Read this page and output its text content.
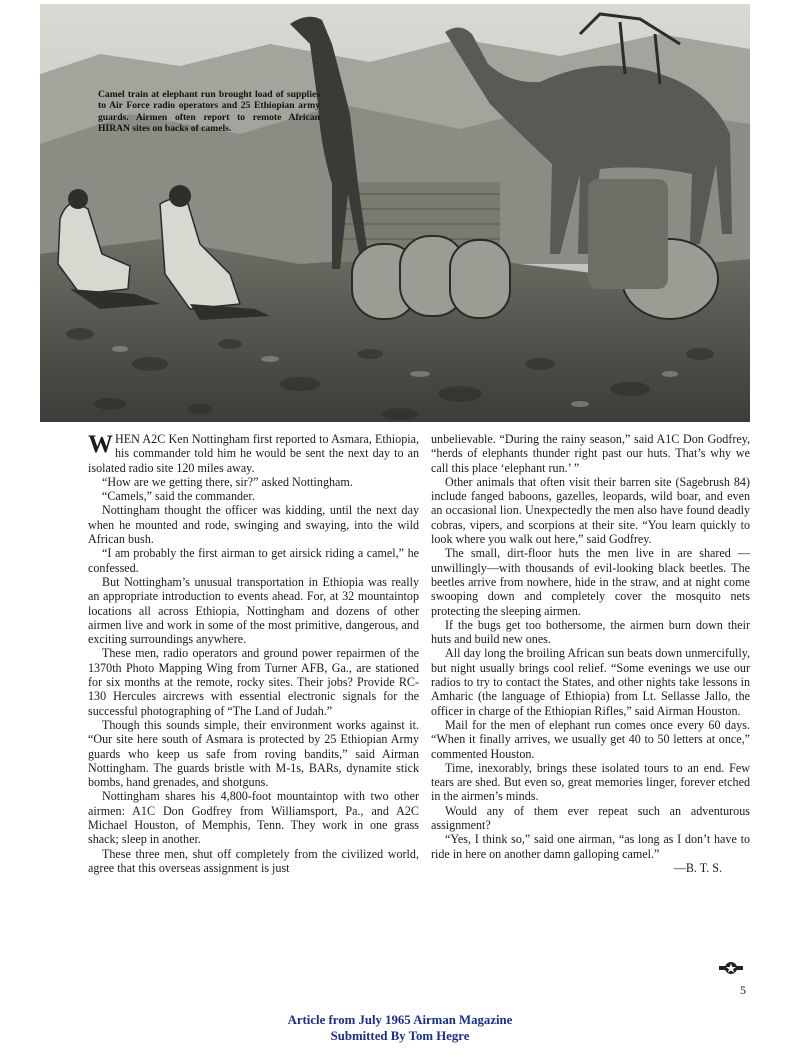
Camel train at elephant run brought load of supplies to Air Force radio operators and 25 Ethiopian army guards. Airmen often report to remote African HIRAN sites on backs of camels.

WHEN A2C Ken Nottingham first reported to Asmara, Ethiopia, his commander told him he would be sent the next day to an isolated radio site 120 miles away.

“How are we getting there, sir?” asked Nottingham.

“Camels,” said the commander.

Nottingham thought the officer was kidding, until the next day when he mounted and rode, swinging and swaying, into the wild African bush.

“I am probably the first airman to get airsick riding a camel,” he confessed.

But Nottingham’s unusual transportation in Ethiopia was really an appropriate introduction to events ahead. For, at 32 mountaintop locations all across Ethiopia, Nottingham and dozens of other airmen live and work in some of the most primitive, dangerous, and exciting surroundings anywhere.

These men, radio operators and ground power repairmen of the 1370th Photo Mapping Wing from Turner AFB, Ga., are stationed for six months at the remote, rocky sites. Their jobs? Provide RC-130 Hercules aircrews with essential electronic signals for the successful photographing of “The Land of Judah.”

Though this sounds simple, their environment works against it. “Our site here south of Asmara is protected by 25 Ethiopian Army guards who keep us safe from roving bandits,” said Airman Nottingham. The guards bristle with M-1s, BARs, dynamite stick bombs, hand grenades, and shotguns.

Nottingham shares his 4,800-foot mountaintop with two other airmen: A1C Don Godfrey from Williamsport, Pa., and A2C Michael Houston, of Memphis, Tenn. They work in one grass shack; sleep in another.

These three men, shut off completely from the civilized world, agree that this overseas assignment is just

unbelievable. “During the rainy season,” said A1C Don Godfrey, “herds of elephants thunder right past our huts. That’s why we call this place ‘elephant run.’ ”

Other animals that often visit their barren site (Sagebrush 84) include fanged baboons, gazelles, leopards, wild boar, and even an occasional lion. Unexpectedly the men also have found deadly cobras, vipers, and scorpions at their site. “You learn quickly to look where you walk out here,” said Godfrey.

The small, dirt-floor huts the men live in are shared —unwillingly—with thousands of evil-looking black beetles. The beetles arrive from nowhere, hide in the straw, and at night come swooping down and completely cover the mosquito nets protecting the sleeping airmen.

If the bugs get too bothersome, the airmen burn down their huts and build new ones.

All day long the broiling African sun beats down unmercifully, but night usually brings cool relief. “Some evenings we use our radios to try to contact the States, and other nights take lessons in Amharic (the language of Ethiopia) from Lt. Sellasse Jallo, the officer in charge of the Ethiopian Rifles,” said Airman Houston.

Mail for the men of elephant run comes once every 60 days. “When it finally arrives, we usually get 40 to 50 letters at once,” commented Houston.

Time, inexorably, brings these isolated tours to an end. Few tears are shed. But even so, great memories linger, forever etched in the airmen’s minds.

Would any of them ever repeat such an adventurous assignment?

“Yes, I think so,” said one airman, “as long as I don’t have to ride in here on another damn galloping camel.”

—B. T. S.

5
Article from July 1965 Airman Magazine
Submitted By Tom Hegre
